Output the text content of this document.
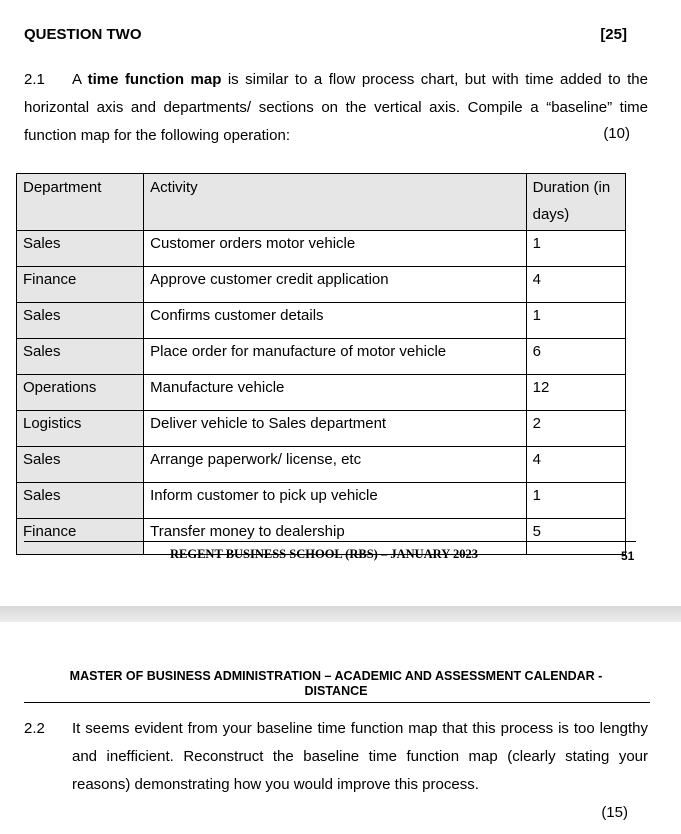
QUESTION TWO	[25]
2.1 A time function map is similar to a flow process chart, but with time added to the horizontal axis and departments/ sections on the vertical axis. Compile a “baseline” time function map for the following operation:	(10)
Department	Activity	Duration (in days)
Sales	Customer orders motor vehicle	1
Finance	Approve customer credit application	4
Sales	Confirms customer details	1
Sales	Place order for manufacture of motor vehicle	6
Operations	Manufacture vehicle	12
Logistics	Deliver vehicle to Sales department	2
Sales	Arrange paperwork/ license, etc	4
Sales	Inform customer to pick up vehicle	1
Finance	Transfer money to dealership	5
REGENT BUSINESS SCHOOL (RBS) – JANUARY 2023	51
MASTER OF BUSINESS ADMINISTRATION – ACADEMIC AND ASSESSMENT CALENDAR -
DISTANCE
2.2 It seems evident from your baseline time function map that this process is too lengthy and inefficient. Reconstruct the baseline time function map (clearly stating your reasons) demonstrating how you would improve this process.
(15)
